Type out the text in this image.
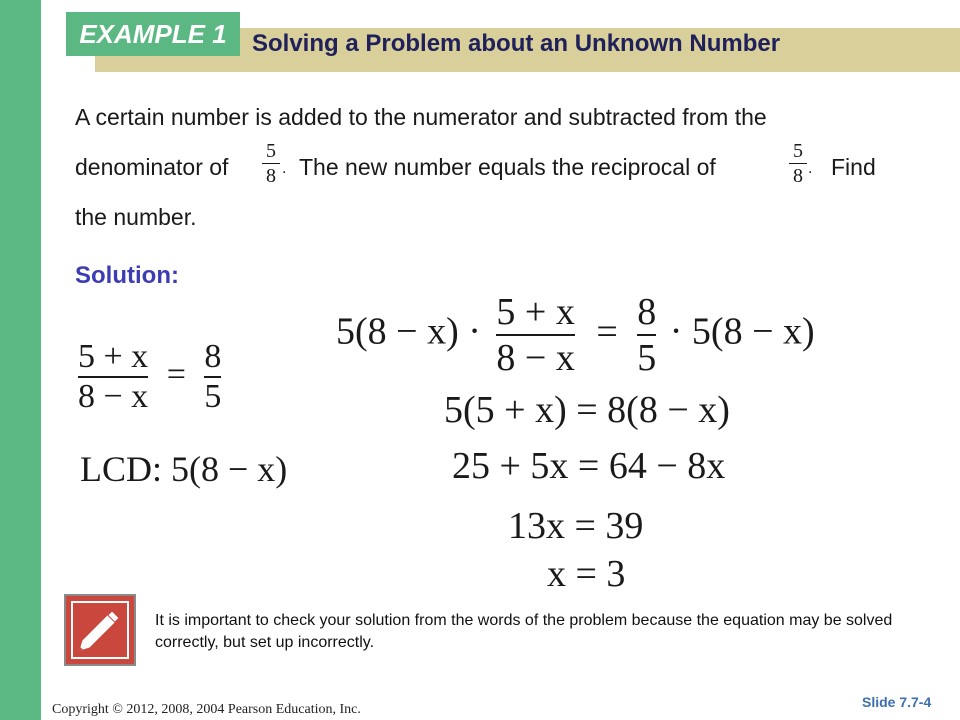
EXAMPLE 1 Solving a Problem about an Unknown Number
A certain number is added to the numerator and subtracted from the
denominator of
5
8 . The new number equals the reciprocal of
5
8 . Find
the number.
Solution:
$\frac{5 + x}{8 - x} = \frac{8}{5}$
LCD: 5(8 − x)
$5(8 - x) \cdot \frac{5 + x}{8 - x} = \frac{8}{5} \cdot 5(8 - x)$
5(5 + x) = 8(8 − x)
25 + 5x = 64 − 8x
13x = 39
x = 3
It is important to check your solution from the words of the problem because the equation may be solved correctly, but set up incorrectly.
Slide 7.7-4
Copyright © 2012, 2008, 2004 Pearson Education, Inc.
